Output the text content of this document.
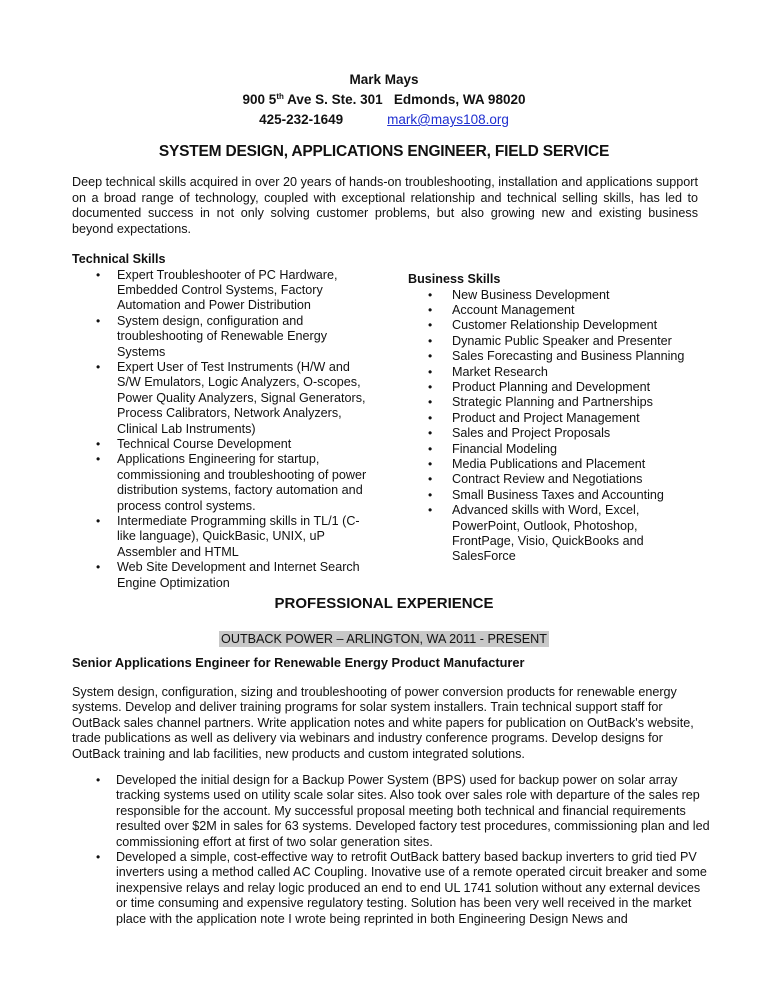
Mark Mays
900 5th Ave S. Ste. 301   Edmonds, WA 98020
425-232-1649	mark@mays108.org
SYSTEM DESIGN, APPLICATIONS ENGINEER, FIELD SERVICE
Deep technical skills acquired in over 20 years of hands-on troubleshooting, installation and applications support on a broad range of technology, coupled with exceptional relationship and technical selling skills, has led to documented success in not only solving customer problems, but also growing new and existing business beyond expectations.
Technical Skills
• Expert Troubleshooter of PC Hardware, Embedded Control Systems, Factory Automation and Power Distribution
• System design, configuration and troubleshooting of Renewable Energy Systems
• Expert User of Test Instruments (H/W and S/W Emulators, Logic Analyzers, O-scopes, Power Quality Analyzers, Signal Generators, Process Calibrators, Network Analyzers, Clinical Lab Instruments)
• Technical Course Development
• Applications Engineering for startup, commissioning and troubleshooting of power distribution systems, factory automation and process control systems.
• Intermediate Programming skills in TL/1 (C-like language), QuickBasic, UNIX, uP Assembler and HTML
• Web Site Development and Internet Search Engine Optimization
Business Skills
• New Business Development
• Account Management
• Customer Relationship Development
• Dynamic Public Speaker and Presenter
• Sales Forecasting and Business Planning
• Market Research
• Product Planning and Development
• Strategic Planning and Partnerships
• Product and Project Management
• Sales and Project Proposals
• Financial Modeling
• Media Publications and Placement
• Contract Review and Negotiations
• Small Business Taxes and Accounting
• Advanced skills with Word, Excel, PowerPoint, Outlook, Photoshop, FrontPage, Visio, QuickBooks and SalesForce
PROFESSIONAL EXPERIENCE
OUTBACK POWER – ARLINGTON, WA 2011 - PRESENT
Senior Applications Engineer for Renewable Energy Product Manufacturer
System design, configuration, sizing and troubleshooting of power conversion products for renewable energy systems. Develop and deliver training programs for solar system installers. Train technical support staff for OutBack sales channel partners. Write application notes and white papers for publication on OutBack's website, trade publications as well as delivery via webinars and industry conference programs. Develop designs for OutBack training and lab facilities, new products and custom integrated solutions.
• Developed the initial design for a Backup Power System (BPS) used for backup power on solar array tracking systems used on utility scale solar sites. Also took over sales role with departure of the sales rep responsible for the account. My successful proposal meeting both technical and financial requirements resulted over $2M in sales for 63 systems. Developed factory test procedures, commissioning plan and led commissioning effort at first of two solar generation sites.
• Developed a simple, cost-effective way to retrofit OutBack battery based backup inverters to grid tied PV inverters using a method called AC Coupling. Inovative use of a remote operated circuit breaker and some inexpensive relays and relay logic produced an end to end UL 1741 solution without any external devices or time consuming and expensive regulatory testing. Solution has been very well received in the market place with the application note I wrote being reprinted in both Engineering Design News and
